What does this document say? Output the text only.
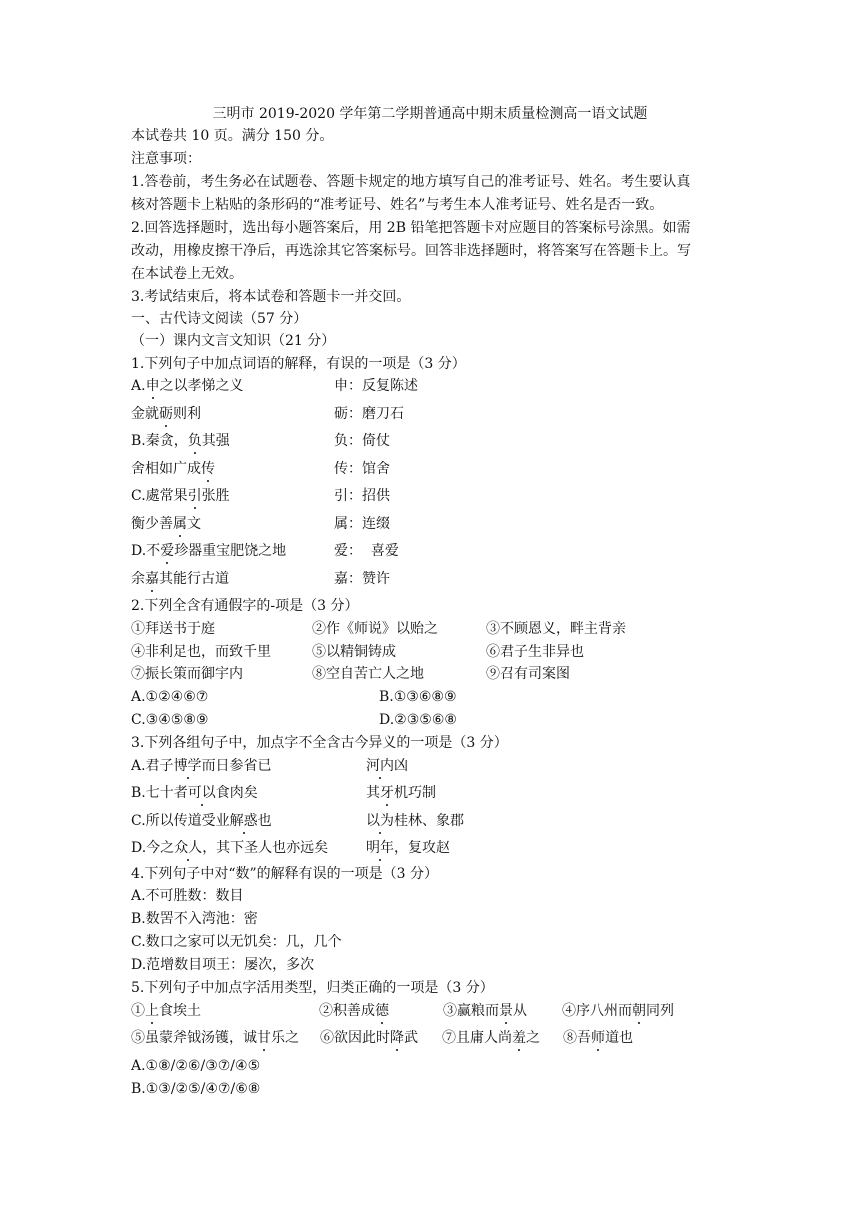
三明市 2019-2020 学年第二学期普通高中期末质量检测高一语文试题
本试卷共 10 页。满分 150 分。
注意事项：
1.答卷前，考生务必在试题卷、答题卡规定的地方填写自己的准考证号、姓名。考生要认真
核对答题卡上粘贴的条形码的“准考证号、姓名”与考生本人准考证号、姓名是否一致。
2.回答选择题时，选出每小题答案后，用 2B 铅笔把答题卡对应题目的答案标号涂黑。如需
改动，用橡皮擦干净后，再选涂其它答案标号。回答非选择题时，将答案写在答题卡上。写
在本试卷上无效。
3.考试结束后，将本试卷和答题卡一并交回。
一、古代诗文阅读（57 分）
（一）课内文言文知识（21 分）
1.下列句子中加点词语的解释，有误的一项是（3 分）
A.申之以孝悌之义	申：反复陈述
金就砺则利	砺：磨刀石
B.秦贪，负其强	负：倚仗
舍相如广成传	传：馆舍
C.處常果引张胜	引：招供
衡少善属文	属：连缀
D.不爱珍器重宝肥饶之地	爱：  喜爱
余嘉其能行古道	嘉：赞许
2.下列全含有通假字的-项是（3 分）
①拜送书于庭	②作《师说》以贻之	③不顾恩义，畔主背亲
④非利足也，而致千里	⑤以精铜铸成	⑥君子生非异也
⑦振长策而御宇内	⑧空自苦亡人之地	⑨召有司案图
A.①②④⑥⑦	B.①③⑥⑧⑨
C.③④⑤⑧⑨	D.②③⑤⑥⑧
3.下列各组句子中，加点字不全含古今异义的一项是（3 分）
A.君子博学而日参省已	河内凶
B.七十者可以食肉矣	其牙机巧制
C.所以传道受业解惑也	以为桂林、象郡
D.今之众人，其下圣人也亦远矣	明年，复攻赵
4.下列句子中对“数”的解释有误的一项是（3 分）
A.不可胜数：数目
B.数罟不入湾池：密
C.数口之家可以无饥矣：几，几个
D.范增数目项王：屡次，多次
5.下列句子中加点字活用类型，归类正确的一项是（3 分）
①上食埃土	②积善成德	③赢粮而景从	④序八州而朝同列
⑤虽蒙斧钺汤镬，诚甘乐之 ⑥欲因此时降武 ⑦且庸人尚羞之 ⑧吾师道也
A.①⑧/②⑥/③⑦/④⑤
B.①③/②⑤/④⑦/⑥⑧
